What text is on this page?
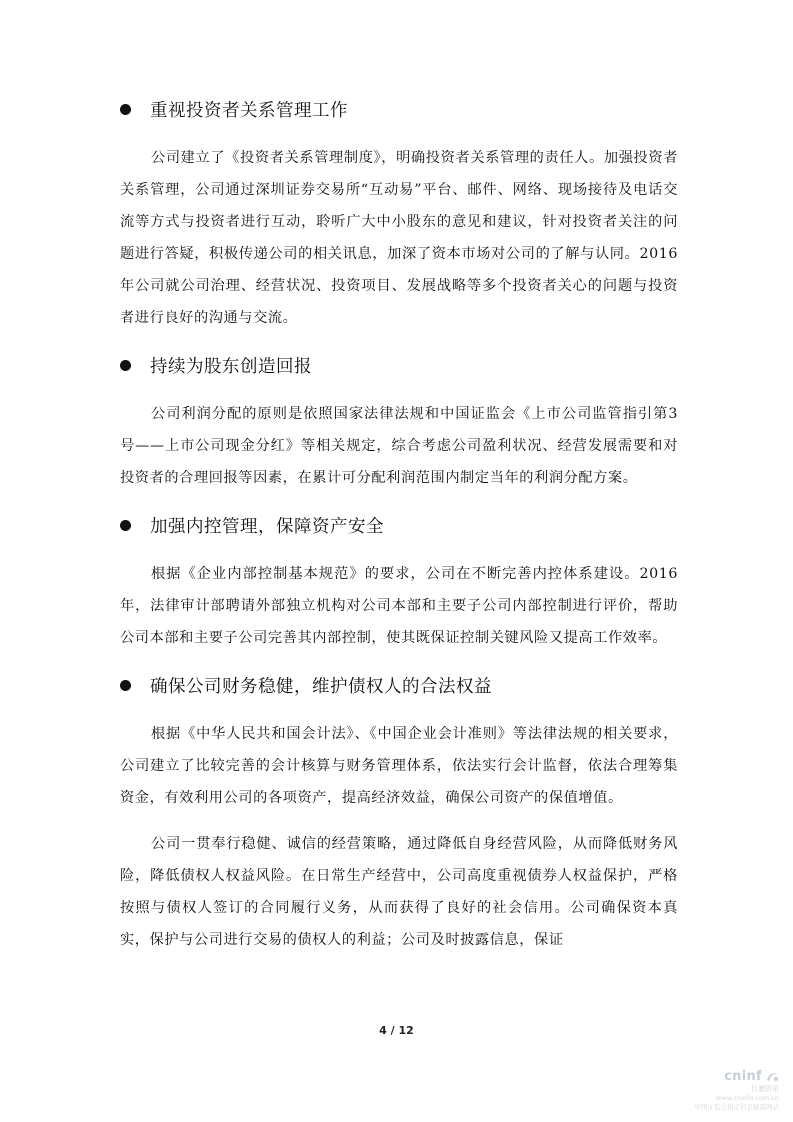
重视投资者关系管理工作

公司建立了《投资者关系管理制度》，明确投资者关系管理的责任人。加强投资者关系管理，公司通过深圳证券交易所“互动易”平台、邮件、网络、现场接待及电话交流等方式与投资者进行互动，聆听广大中小股东的意见和建议，针对投资者关注的问题进行答疑，积极传递公司的相关讯息，加深了资本市场对公司的了解与认同。2016年公司就公司治理、经营状况、投资项目、发展战略等多个投资者关心的问题与投资者进行良好的沟通与交流。

持续为股东创造回报

公司利润分配的原则是依照国家法律法规和中国证监会《上市公司监管指引第3号——上市公司现金分红》等相关规定，综合考虑公司盈利状况、经营发展需要和对投资者的合理回报等因素，在累计可分配利润范围内制定当年的利润分配方案。

加强内控管理，保障资产安全

根据《企业内部控制基本规范》的要求，公司在不断完善内控体系建设。2016年，法律审计部聘请外部独立机构对公司本部和主要子公司内部控制进行评价，帮助公司本部和主要子公司完善其内部控制，使其既保证控制关键风险又提高工作效率。

确保公司财务稳健，维护债权人的合法权益

根据《中华人民共和国会计法》、《中国企业会计准则》等法律法规的相关要求，公司建立了比较完善的会计核算与财务管理体系，依法实行会计监督，依法合理筹集资金，有效利用公司的各项资产，提高经济效益，确保公司资产的保值增值。

公司一贯奉行稳健、诚信的经营策略，通过降低自身经营风险，从而降低财务风险，降低债权人权益风险。在日常生产经营中，公司高度重视债券人权益保护，严格按照与债权人签订的合同履行义务，从而获得了良好的社会信用。公司确保资本真实，保护与公司进行交易的债权人的利益；公司及时披露信息，保证

4 / 12
cninf
巨潮资讯
www.cninfo.com.cn
中国证监会指定信息披露网站
